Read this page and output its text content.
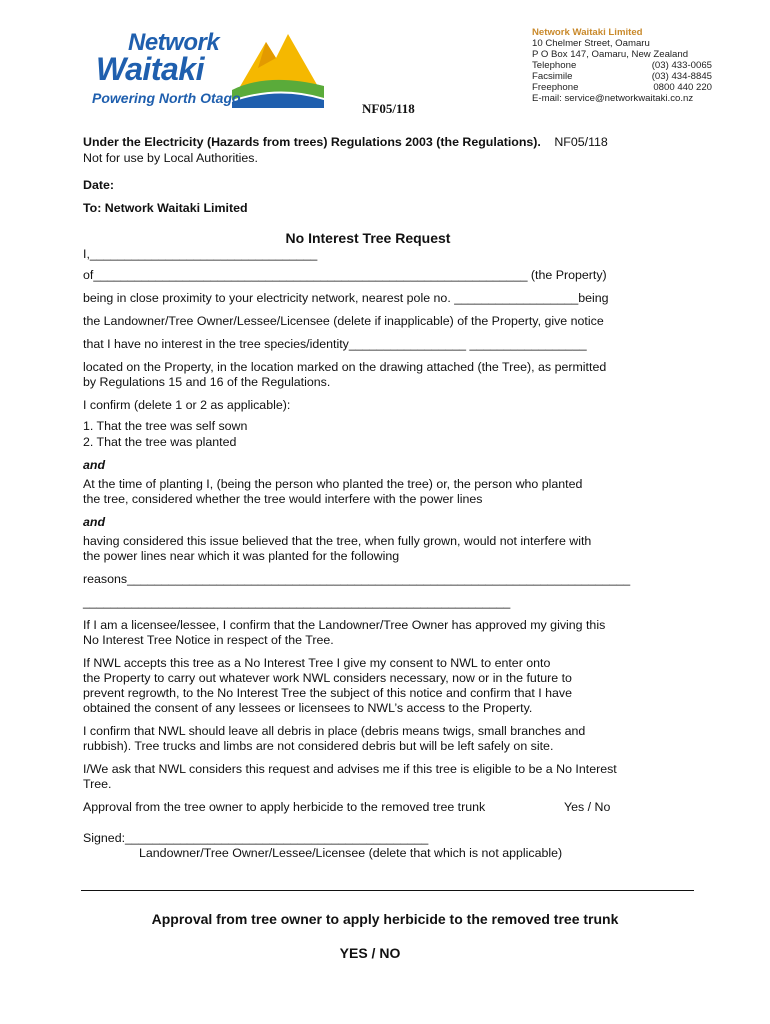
Network
Waitaki
Powering North Otago
NF05/118
Network Waitaki Limited
10 Chelmer Street, Oamaru
P O Box 147, Oamaru, New Zealand
Telephone	(03) 433-0065
Facsimile	(03) 434-8845
Freephone	0800 440 220
E-mail: service@networkwaitaki.co.nz
Under the Electricity (Hazards from trees) Regulations 2003 (the Regulations). NF05/118
Not for use by Local Authorities.
Date:
To: Network Waitaki Limited
No Interest Tree Request
I,_________________________________
of_______________________________________________________________ (the Property)
being in close proximity to your electricity network, nearest pole no. __________________being
the Landowner/Tree Owner/Lessee/Licensee (delete if inapplicable) of the Property, give notice
that I have no interest in the tree species/identity_________________ _________________
located on the Property, in the location marked on the drawing attached (the Tree), as permitted
by Regulations 15 and 16 of the Regulations.
I confirm (delete 1 or 2 as applicable):
1. That the tree was self sown
2. That the tree was planted
and
At the time of planting I, (being the person who planted the tree) or, the person who planted
the tree, considered whether the tree would interfere with the power lines
and
having considered this issue believed that the tree, when fully grown, would not interfere with
the power lines near which it was planted for the following
reasons_________________________________________________________________________
______________________________________________________________
If I am a licensee/lessee, I confirm that the Landowner/Tree Owner has approved my giving this
No Interest Tree Notice in respect of the Tree.
If NWL accepts this tree as a No Interest Tree I give my consent to NWL to enter onto
the Property to carry out whatever work NWL considers necessary, now or in the future to
prevent regrowth, to the No Interest Tree the subject of this notice and confirm that I have
obtained the consent of any lessees or licensees to NWL’s access to the Property.
I confirm that NWL should leave all debris in place (debris means twigs, small branches and
rubbish). Tree trucks and limbs are not considered debris but will be left safely on site.
I/We ask that NWL considers this request and advises me if this tree is eligible to be a No Interest
Tree.
Approval from the tree owner to apply herbicide to the removed tree trunk	Yes / No
Signed:____________________________________________
Landowner/Tree Owner/Lessee/Licensee (delete that which is not applicable)
Approval from tree owner to apply herbicide to the removed tree trunk
YES / NO
